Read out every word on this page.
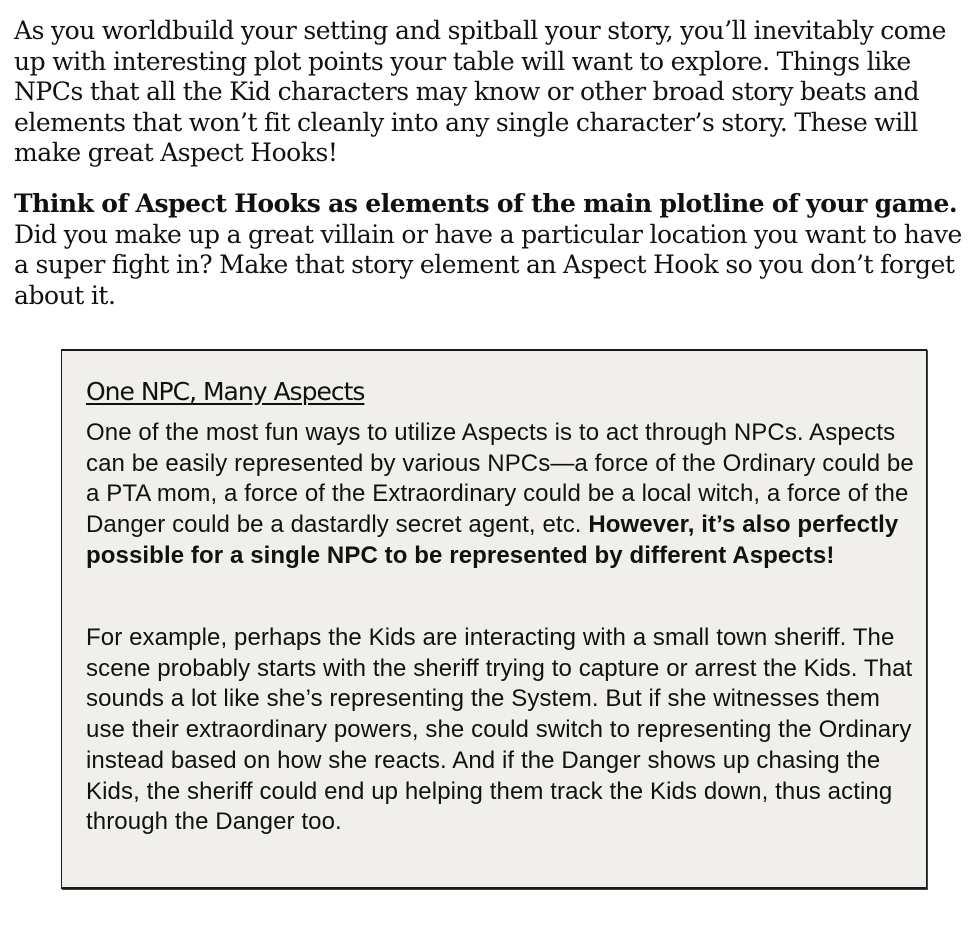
As you worldbuild your setting and spitball your story, you’ll inevitably come up with interesting plot points your table will want to explore. Things like NPCs that all the Kid characters may know or other broad story beats and elements that won’t fit cleanly into any single character’s story. These will make great Aspect Hooks!

Think of Aspect Hooks as elements of the main plotline of your game. Did you make up a great villain or have a particular location you want to have a super fight in? Make that story element an Aspect Hook so you don’t forget about it.

One NPC, Many Aspects

One of the most fun ways to utilize Aspects is to act through NPCs. Aspects can be easily represented by various NPCs—a force of the Ordinary could be a PTA mom, a force of the Extraordinary could be a local witch, a force of the Danger could be a dastardly secret agent, etc. However, it’s also perfectly possible for a single NPC to be represented by different Aspects!

For example, perhaps the Kids are interacting with a small town sheriff. The scene probably starts with the sheriff trying to capture or arrest the Kids. That sounds a lot like she’s representing the System. But if she witnesses them use their extraordinary powers, she could switch to representing the Ordinary instead based on how she reacts. And if the Danger shows up chasing the Kids, the sheriff could end up helping them track the Kids down, thus acting through the Danger too.
